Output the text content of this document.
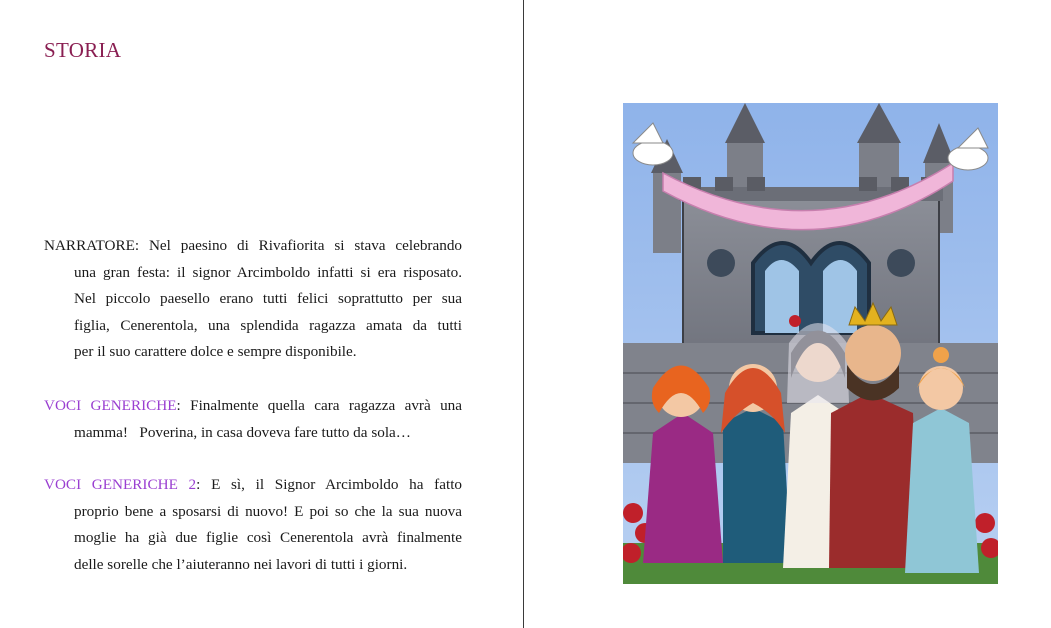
STORIA
NARRATORE: Nel paesino di Rivafiorita si stava celebrando
una gran festa: il signor Arcimboldo infatti si era risposato.
Nel piccolo paesello erano tutti felici soprattutto per sua
figlia, Cenerentola, una splendida ragazza amata da tutti
per il suo carattere dolce e sempre disponibile.
VOCI GENERICHE: Finalmente quella cara ragazza avrà una
mamma!   Poverina, in casa doveva fare tutto da sola…
VOCI GENERICHE 2: E sì, il Signor Arcimboldo ha fatto
proprio bene a sposarsi di nuovo! E poi so che la sua nuova
moglie ha già due figlie così Cenerentola avrà finalmente
delle sorelle che l’aiuteranno nei lavori di tutti i giorni.
